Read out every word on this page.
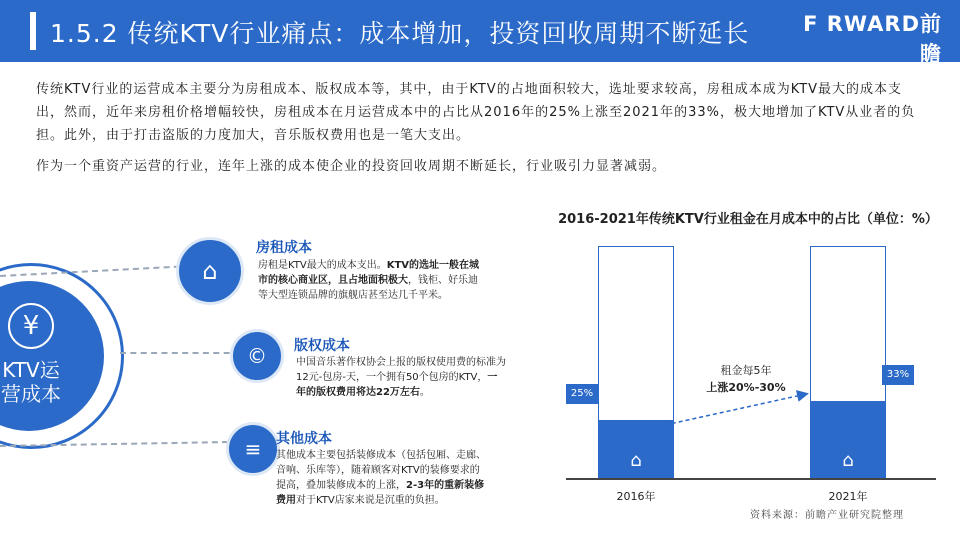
1.5.2 传统KTV行业痛点：成本增加，投资回收周期不断延长	F RWARD前瞻
决策 · 投资一定要有前瞻的眼光

传统KTV行业的运营成本主要分为房租成本、版权成本等，其中，由于KTV的占地面积较大，选址要求较高，房租成本成为KTV最大的成本支出，然而，近年来房租价格增幅较快，房租成本在月运营成本中的占比从2016年的25%上涨至2021年的33%，极大地增加了KTV从业者的负担。此外，由于打击盗版的力度加大，音乐版权费用也是一笔大支出。

作为一个重资产运营的行业，连年上涨的成本使企业的投资回收周期不断延长，行业吸引力显著减弱。

¥
KTV运营成本
⌂
©
≡
房租成本
房租是KTV最大的成本支出。KTV的选址一般在城市的核心商业区，且占地面积极大，钱柜、好乐迪等大型连锁品牌的旗舰店甚至达几千平米。
版权成本
中国音乐著作权协会上报的版权使用费的标准为12元-包房-天，一个拥有50个包房的KTV，一年的版权费用将达22万左右。
其他成本
其他成本主要包括装修成本（包括包厢、走廊、音响、乐库等），随着顾客对KTV的装修要求的提高，叠加装修成本的上涨，2-3年的重新装修费用对于KTV店家来说是沉重的负担。
2016-2021年传统KTV行业租金在月成本中的占比（单位：%）
⌂
25%
2016年
⌂
33%
2021年
租金每5年
上涨20%-30%
资料来源：前瞻产业研究院整理
